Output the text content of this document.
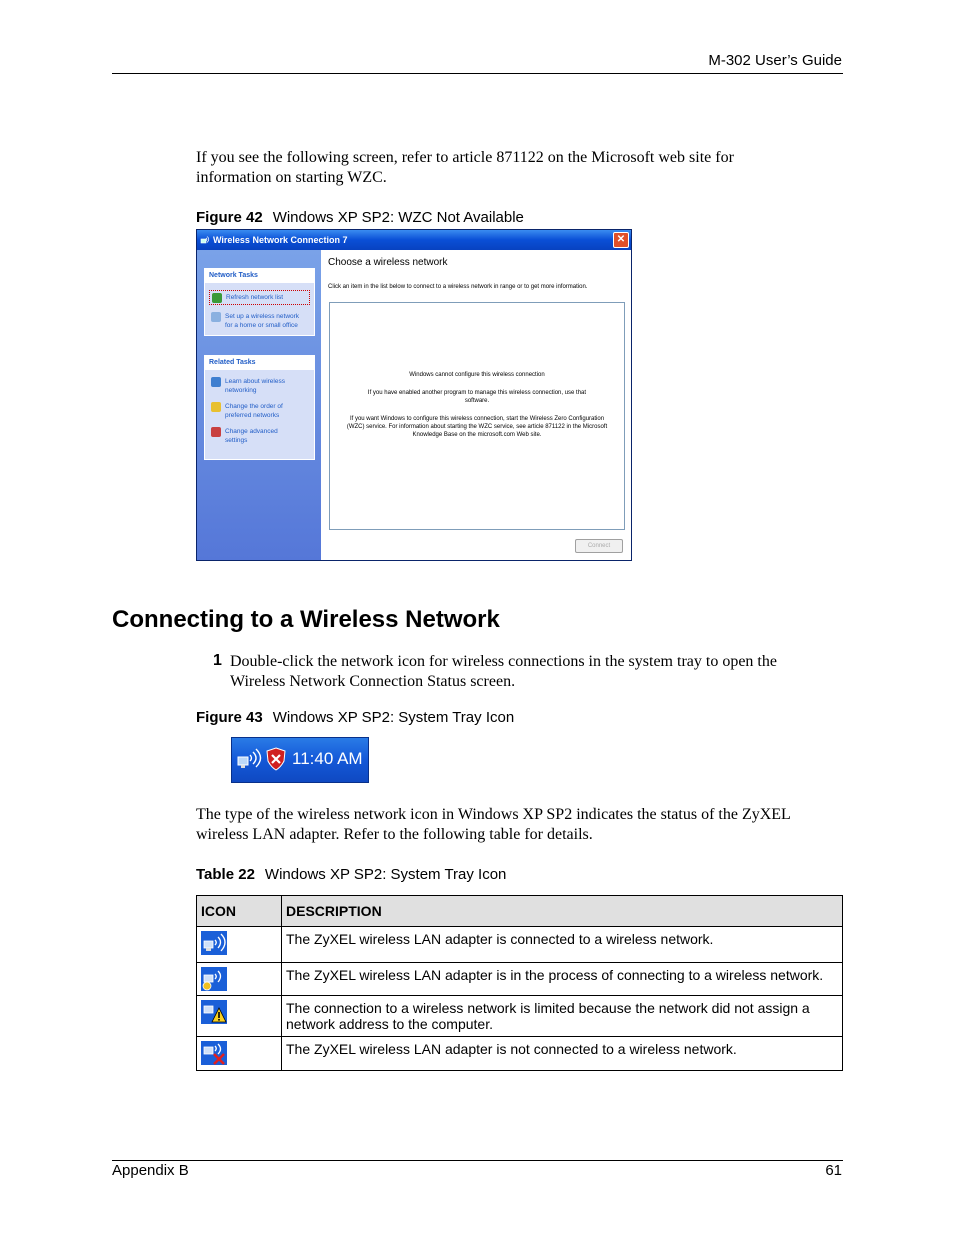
M-302 User’s Guide
If you see the following screen, refer to article 871122 on the Microsoft web site for
information on starting WZC.
Figure 42 Windows XP SP2: WZC Not Available
Wireless Network Connection 7	✕
Network Tasks
Refresh network list
Set up a wireless network
for a home or small office
Related Tasks
Learn about wireless
networking
Change the order of
preferred networks
Change advanced
settings
Choose a wireless network
Click an item in the list below to connect to a wireless network in range or to get more information.
Windows cannot configure this wireless connection
If you have enabled another program to manage this wireless connection, use that software.
If you want Windows to configure this wireless connection, start the Wireless Zero Configuration (WZC) service. For information about starting the WZC service, see article 871122 in the Microsoft Knowledge Base on the microsoft.com Web site.
Connect
Connecting to a Wireless Network
1 Double-click the network icon for wireless connections in the system tray to open the
Wireless Network Connection Status screen.
Figure 43 Windows XP SP2: System Tray Icon
11:40 AM
The type of the wireless network icon in Windows XP SP2 indicates the status of the ZyXEL
wireless LAN adapter. Refer to the following table for details.
Table 22 Windows XP SP2: System Tray Icon
ICON	DESCRIPTION
	The ZyXEL wireless LAN adapter is connected to a wireless network.
	The ZyXEL wireless LAN adapter is in the process of connecting to a wireless network.
	The connection to a wireless network is limited because the network did not assign a network address to the computer.
	The ZyXEL wireless LAN adapter is not connected to a wireless network.
Appendix B	61
